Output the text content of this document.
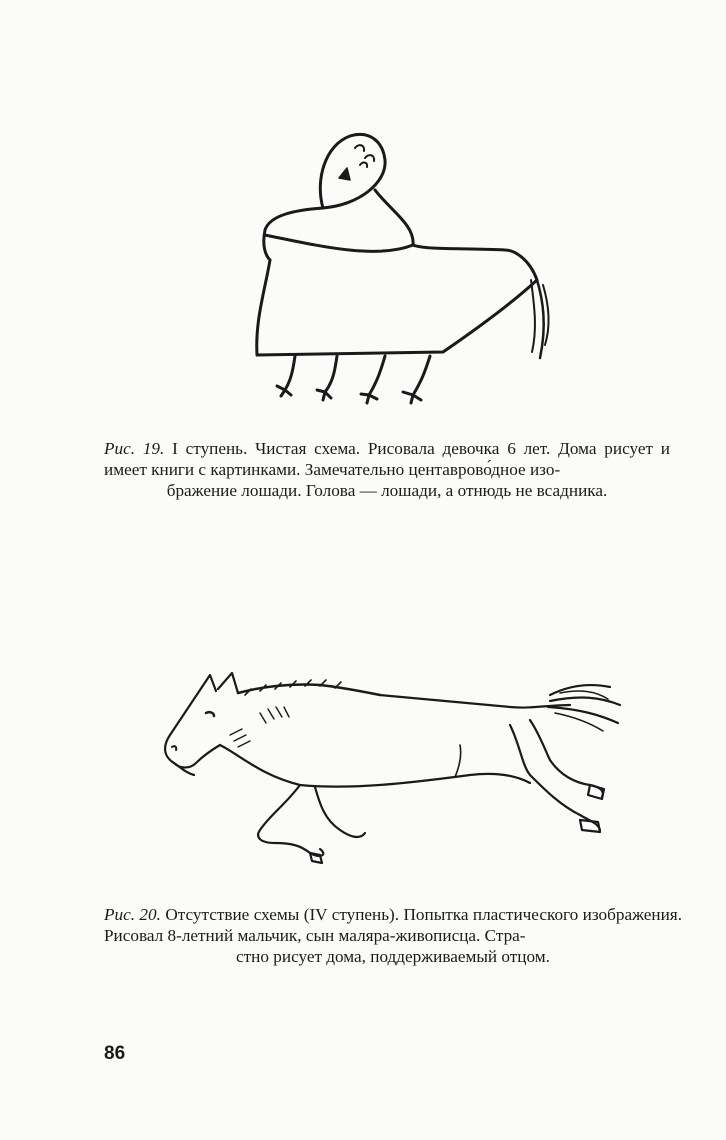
Рис. 19. I ступень. Чистая схема. Рисовала девочка 6 лет. Дома рисует и имеет книги с картинками. Замечательно центаврово́дное изо-
бражение лошади. Голова — лошади, а отнюдь не всадника.
Рис. 20. Отсутствие схемы (IV ступень). Попытка пластического изображения. Рисовал 8-летний мальчик, сын маляра-живописца. Стра-
стно рисует дома, поддерживаемый отцом.
86
